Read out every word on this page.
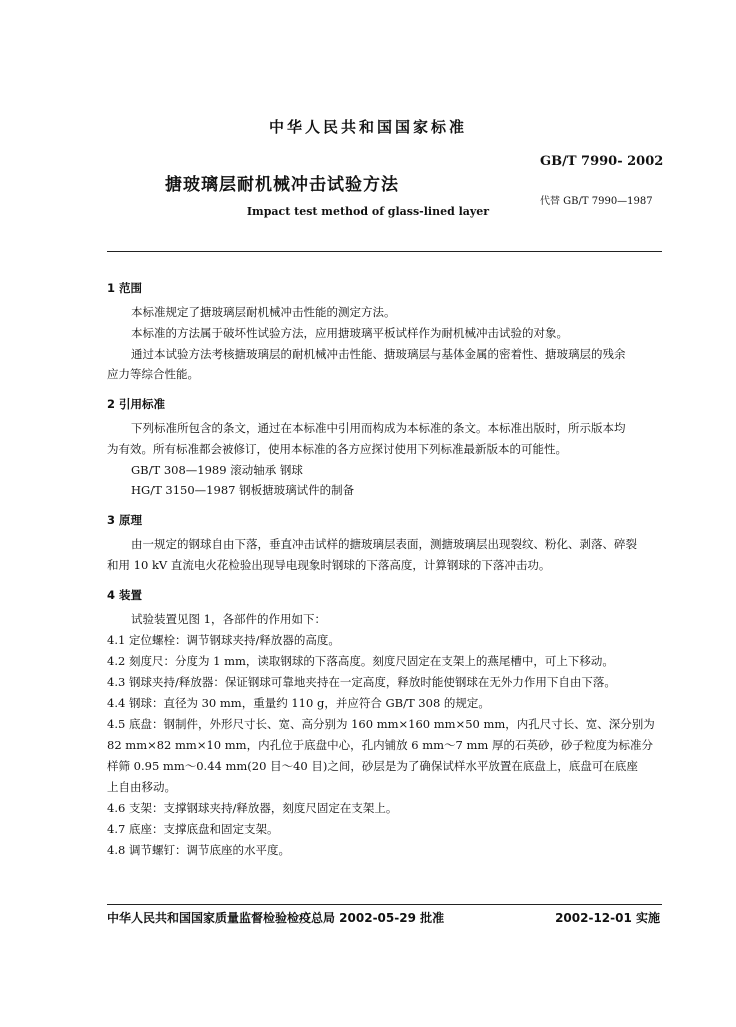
中华人民共和国国家标准
GB/T 7990- 2002
搪玻璃层耐机械冲击试验方法
代替 GB/T 7990—1987
Impact test method of glass-lined layer
1 范围
本标准规定了搪玻璃层耐机械冲击性能的测定方法。
本标准的方法属于破坏性试验方法，应用搪玻璃平板试样作为耐机械冲击试验的对象。
通过本试验方法考核搪玻璃层的耐机械冲击性能、搪玻璃层与基体金属的密着性、搪玻璃层的残余
应力等综合性能。
2 引用标准
下列标准所包含的条文，通过在本标准中引用而构成为本标准的条文。本标准出版时，所示版本均
为有效。所有标准都会被修订，使用本标准的各方应探讨使用下列标准最新版本的可能性。
GB/T 308—1989 滚动轴承 钢球
HG/T 3150—1987 钢板搪玻璃试件的制备
3 原理
由一规定的钢球自由下落，垂直冲击试样的搪玻璃层表面，测搪玻璃层出现裂纹、粉化、剥落、碎裂
和用 10 kV 直流电火花检验出现导电现象时钢球的下落高度，计算钢球的下落冲击功。
4 装置
试验装置见图 1，各部件的作用如下：
4.1 定位螺栓：调节钢球夹持/释放器的高度。
4.2 刻度尺：分度为 1 mm，读取钢球的下落高度。刻度尺固定在支架上的燕尾槽中，可上下移动。
4.3 钢球夹持/释放器：保证钢球可靠地夹持在一定高度，释放时能使钢球在无外力作用下自由下落。
4.4 钢球：直径为 30 mm，重量约 110 g，并应符合 GB/T 308 的规定。
4.5 底盘：钢制件，外形尺寸长、宽、高分别为 160 mm×160 mm×50 mm，内孔尺寸长、宽、深分别为
82 mm×82 mm×10 mm，内孔位于底盘中心，孔内铺放 6 mm～7 mm 厚的石英砂，砂子粒度为标准分
样筛 0.95 mm～0.44 mm(20 目～40 目)之间，砂层是为了确保试样水平放置在底盘上，底盘可在底座
上自由移动。
4.6 支架：支撑钢球夹持/释放器，刻度尺固定在支架上。
4.7 底座：支撑底盘和固定支架。
4.8 调节螺钉：调节底座的水平度。
中华人民共和国国家质量监督检验检疫总局 2002-05-29 批准	2002-12-01 实施
